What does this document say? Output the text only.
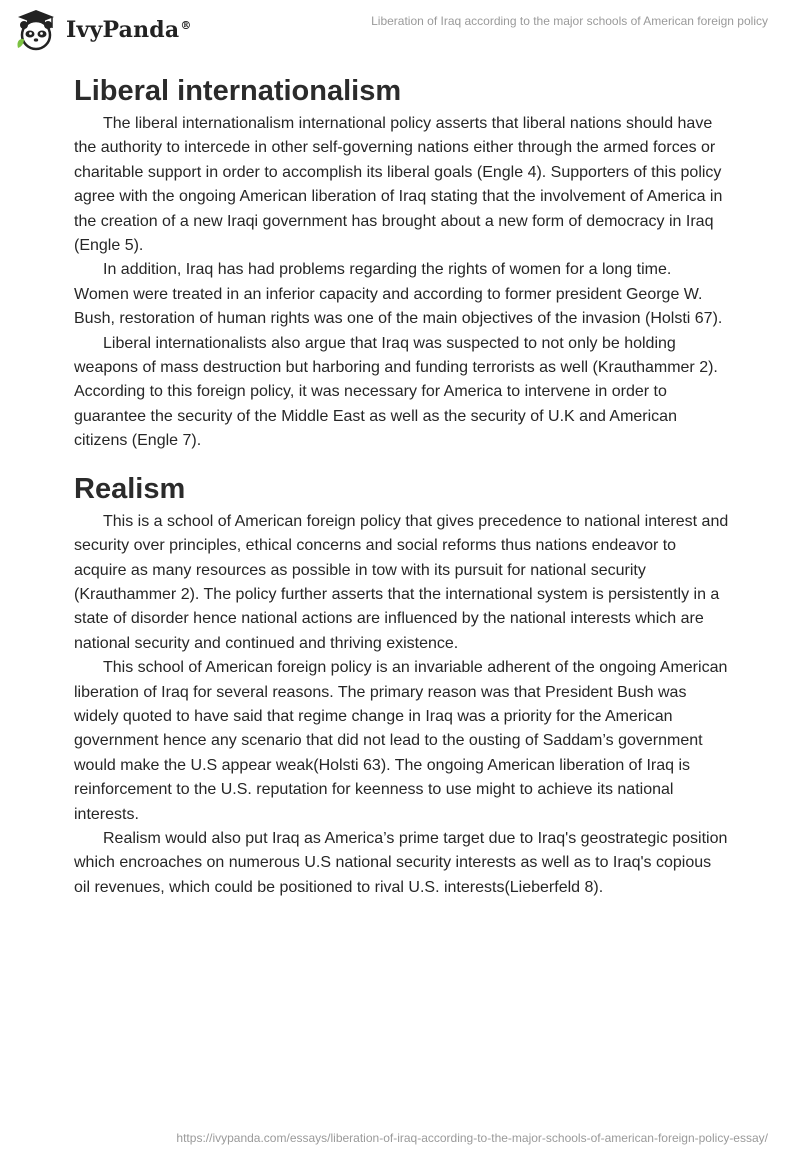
IvyPanda®	Liberation of Iraq according to the major schools of American foreign policy
Liberal internationalism

The liberal internationalism international policy asserts that liberal nations should have the authority to intercede in other self-governing nations either through the armed forces or charitable support in order to accomplish its liberal goals (Engle 4). Supporters of this policy agree with the ongoing American liberation of Iraq stating that the involvement of America in the creation of a new Iraqi government has brought about a new form of democracy in Iraq (Engle 5).

In addition, Iraq has had problems regarding the rights of women for a long time. Women were treated in an inferior capacity and according to former president George W. Bush, restoration of human rights was one of the main objectives of the invasion (Holsti 67).

Liberal internationalists also argue that Iraq was suspected to not only be holding weapons of mass destruction but harboring and funding terrorists as well (Krauthammer 2). According to this foreign policy, it was necessary for America to intervene in order to guarantee the security of the Middle East as well as the security of U.K and American citizens (Engle 7).

Realism

This is a school of American foreign policy that gives precedence to national interest and security over principles, ethical concerns and social reforms thus nations endeavor to acquire as many resources as possible in tow with its pursuit for national security (Krauthammer 2). The policy further asserts that the international system is persistently in a state of disorder hence national actions are influenced by the national interests which are national security and continued and thriving existence.

This school of American foreign policy is an invariable adherent of the ongoing American liberation of Iraq for several reasons. The primary reason was that President Bush was widely quoted to have said that regime change in Iraq was a priority for the American government hence any scenario that did not lead to the ousting of Saddam’s government would make the U.S appear weak(Holsti 63). The ongoing American liberation of Iraq is reinforcement to the U.S. reputation for keenness to use might to achieve its national interests.

Realism would also put Iraq as America’s prime target due to Iraq's geostrategic position which encroaches on numerous U.S national security interests as well as to Iraq's copious oil revenues, which could be positioned to rival U.S. interests(Lieberfeld 8).

https://ivypanda.com/essays/liberation-of-iraq-according-to-the-major-schools-of-american-foreign-policy-essay/
